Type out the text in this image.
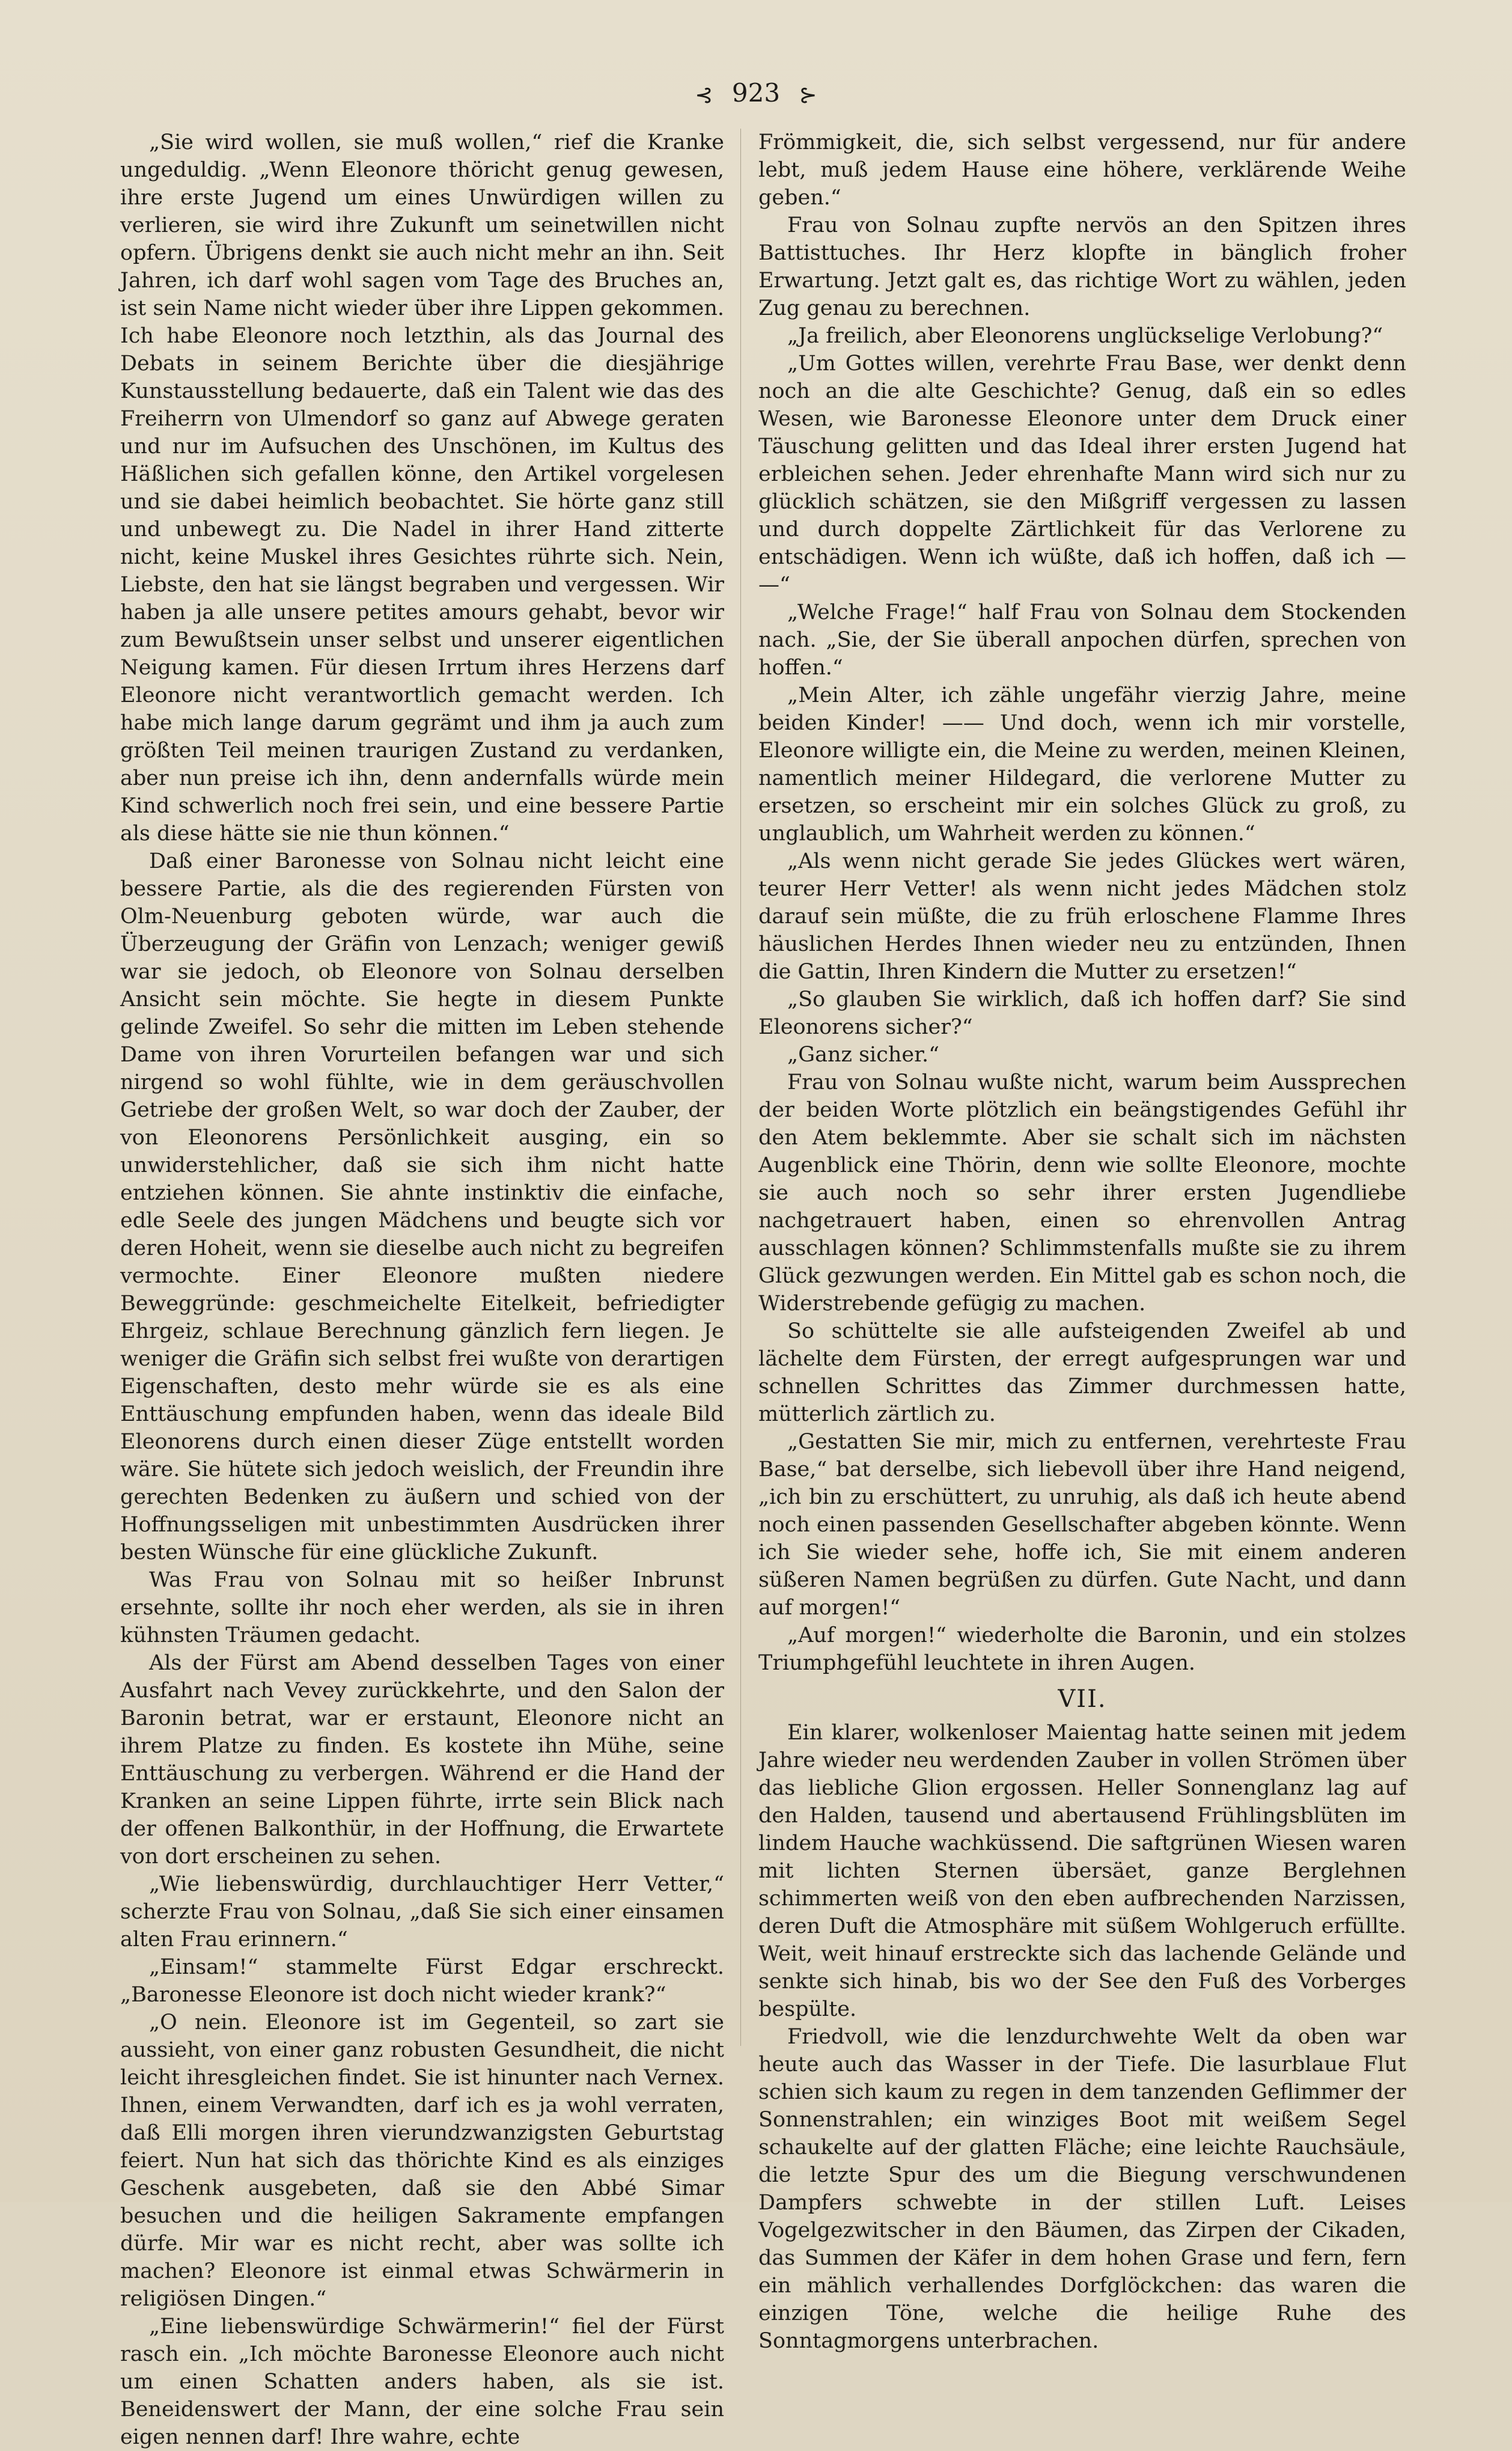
⊰ 923 ⊱

„Sie wird wollen, sie muß wollen,“ rief die Kranke ungeduldig. „Wenn Eleonore thöricht genug gewesen, ihre erste Jugend um eines Unwürdigen willen zu verlieren, sie wird ihre Zukunft um seinetwillen nicht opfern. Übrigens denkt sie auch nicht mehr an ihn. Seit Jahren, ich darf wohl sagen vom Tage des Bruches an, ist sein Name nicht wieder über ihre Lippen gekommen. Ich habe Eleonore noch letzthin, als das Journal des Debats in seinem Berichte über die diesjährige Kunstausstellung bedauerte, daß ein Talent wie das des Freiherrn von Ulmendorf so ganz auf Abwege geraten und nur im Aufsuchen des Unschönen, im Kultus des Häßlichen sich gefallen könne, den Artikel vorgelesen und sie dabei heimlich beobachtet. Sie hörte ganz still und unbewegt zu. Die Nadel in ihrer Hand zitterte nicht, keine Muskel ihres Gesichtes rührte sich. Nein, Liebste, den hat sie längst begraben und vergessen. Wir haben ja alle unsere petites amours gehabt, bevor wir zum Bewußtsein unser selbst und unserer eigentlichen Neigung kamen. Für diesen Irrtum ihres Herzens darf Eleonore nicht verantwortlich gemacht werden. Ich habe mich lange darum gegrämt und ihm ja auch zum größten Teil meinen traurigen Zustand zu verdanken, aber nun preise ich ihn, denn andernfalls würde mein Kind schwerlich noch frei sein, und eine bessere Partie als diese hätte sie nie thun können.“

Daß einer Baronesse von Solnau nicht leicht eine bessere Partie, als die des regierenden Fürsten von Olm-Neuenburg geboten würde, war auch die Überzeugung der Gräfin von Lenzach; weniger gewiß war sie jedoch, ob Eleonore von Solnau derselben Ansicht sein möchte. Sie hegte in diesem Punkte gelinde Zweifel. So sehr die mitten im Leben stehende Dame von ihren Vorurteilen befangen war und sich nirgend so wohl fühlte, wie in dem geräuschvollen Getriebe der großen Welt, so war doch der Zauber, der von Eleonorens Persönlichkeit ausging, ein so unwiderstehlicher, daß sie sich ihm nicht hatte entziehen können. Sie ahnte instinktiv die einfache, edle Seele des jungen Mädchens und beugte sich vor deren Hoheit, wenn sie dieselbe auch nicht zu begreifen vermochte. Einer Eleonore mußten niedere Beweggründe: geschmeichelte Eitelkeit, befriedigter Ehrgeiz, schlaue Berechnung gänzlich fern liegen. Je weniger die Gräfin sich selbst frei wußte von derartigen Eigenschaften, desto mehr würde sie es als eine Enttäuschung empfunden haben, wenn das ideale Bild Eleonorens durch einen dieser Züge entstellt worden wäre. Sie hütete sich jedoch weislich, der Freundin ihre gerechten Bedenken zu äußern und schied von der Hoffnungsseligen mit unbestimmten Ausdrücken ihrer besten Wünsche für eine glückliche Zukunft.

Was Frau von Solnau mit so heißer Inbrunst ersehnte, sollte ihr noch eher werden, als sie in ihren kühnsten Träumen gedacht.

Als der Fürst am Abend desselben Tages von einer Ausfahrt nach Vevey zurückkehrte, und den Salon der Baronin betrat, war er erstaunt, Eleonore nicht an ihrem Platze zu finden. Es kostete ihn Mühe, seine Enttäuschung zu verbergen. Während er die Hand der Kranken an seine Lippen führte, irrte sein Blick nach der offenen Balkonthür, in der Hoffnung, die Erwartete von dort erscheinen zu sehen.

„Wie liebenswürdig, durchlauchtiger Herr Vetter,“ scherzte Frau von Solnau, „daß Sie sich einer einsamen alten Frau erinnern.“

„Einsam!“ stammelte Fürst Edgar erschreckt. „Baronesse Eleonore ist doch nicht wieder krank?“

„O nein. Eleonore ist im Gegenteil, so zart sie aussieht, von einer ganz robusten Gesundheit, die nicht leicht ihresgleichen findet. Sie ist hinunter nach Vernex. Ihnen, einem Verwandten, darf ich es ja wohl verraten, daß Elli morgen ihren vierundzwanzigsten Geburtstag feiert. Nun hat sich das thörichte Kind es als einziges Geschenk ausgebeten, daß sie den Abbé Simar besuchen und die heiligen Sakramente empfangen dürfe. Mir war es nicht recht, aber was sollte ich machen? Eleonore ist einmal etwas Schwärmerin in religiösen Dingen.“

„Eine liebenswürdige Schwärmerin!“ fiel der Fürst rasch ein. „Ich möchte Baronesse Eleonore auch nicht um einen Schatten anders haben, als sie ist. Beneidenswert der Mann, der eine solche Frau sein eigen nennen darf! Ihre wahre, echte

Frömmigkeit, die, sich selbst vergessend, nur für andere lebt, muß jedem Hause eine höhere, verklärende Weihe geben.“

Frau von Solnau zupfte nervös an den Spitzen ihres Battisttuches. Ihr Herz klopfte in bänglich froher Erwartung. Jetzt galt es, das richtige Wort zu wählen, jeden Zug genau zu berechnen.

„Ja freilich, aber Eleonorens unglückselige Verlobung?“

„Um Gottes willen, verehrte Frau Base, wer denkt denn noch an die alte Geschichte? Genug, daß ein so edles Wesen, wie Baronesse Eleonore unter dem Druck einer Täuschung gelitten und das Ideal ihrer ersten Jugend hat erbleichen sehen. Jeder ehrenhafte Mann wird sich nur zu glücklich schätzen, sie den Mißgriff vergessen zu lassen und durch doppelte Zärtlichkeit für das Verlorene zu entschädigen. Wenn ich wüßte, daß ich hoffen, daß ich — —“

„Welche Frage!“ half Frau von Solnau dem Stockenden nach. „Sie, der Sie überall anpochen dürfen, sprechen von hoffen.“

„Mein Alter, ich zähle ungefähr vierzig Jahre, meine beiden Kinder! —— Und doch, wenn ich mir vorstelle, Eleonore willigte ein, die Meine zu werden, meinen Kleinen, namentlich meiner Hildegard, die verlorene Mutter zu ersetzen, so erscheint mir ein solches Glück zu groß, zu unglaublich, um Wahrheit werden zu können.“

„Als wenn nicht gerade Sie jedes Glückes wert wären, teurer Herr Vetter! als wenn nicht jedes Mädchen stolz darauf sein müßte, die zu früh erloschene Flamme Ihres häuslichen Herdes Ihnen wieder neu zu entzünden, Ihnen die Gattin, Ihren Kindern die Mutter zu ersetzen!“

„So glauben Sie wirklich, daß ich hoffen darf? Sie sind Eleonorens sicher?“

„Ganz sicher.“

Frau von Solnau wußte nicht, warum beim Aussprechen der beiden Worte plötzlich ein beängstigendes Gefühl ihr den Atem beklemmte. Aber sie schalt sich im nächsten Augenblick eine Thörin, denn wie sollte Eleonore, mochte sie auch noch so sehr ihrer ersten Jugendliebe nachgetrauert haben, einen so ehrenvollen Antrag ausschlagen können? Schlimmstenfalls mußte sie zu ihrem Glück gezwungen werden. Ein Mittel gab es schon noch, die Widerstrebende gefügig zu machen.

So schüttelte sie alle aufsteigenden Zweifel ab und lächelte dem Fürsten, der erregt aufgesprungen war und schnellen Schrittes das Zimmer durchmessen hatte, mütterlich zärtlich zu.

„Gestatten Sie mir, mich zu entfernen, verehrteste Frau Base,“ bat derselbe, sich liebevoll über ihre Hand neigend, „ich bin zu erschüttert, zu unruhig, als daß ich heute abend noch einen passenden Gesellschafter abgeben könnte. Wenn ich Sie wieder sehe, hoffe ich, Sie mit einem anderen süßeren Namen begrüßen zu dürfen. Gute Nacht, und dann auf morgen!“

„Auf morgen!“ wiederholte die Baronin, und ein stolzes Triumphgefühl leuchtete in ihren Augen.

VII.

Ein klarer, wolkenloser Maientag hatte seinen mit jedem Jahre wieder neu werdenden Zauber in vollen Strömen über das liebliche Glion ergossen. Heller Sonnenglanz lag auf den Halden, tausend und abertausend Frühlingsblüten im lindem Hauche wachküssend. Die saftgrünen Wiesen waren mit lichten Sternen übersäet, ganze Berglehnen schimmerten weiß von den eben aufbrechenden Narzissen, deren Duft die Atmosphäre mit süßem Wohlgeruch erfüllte. Weit, weit hinauf erstreckte sich das lachende Gelände und senkte sich hinab, bis wo der See den Fuß des Vorberges bespülte.

Friedvoll, wie die lenzdurchwehte Welt da oben war heute auch das Wasser in der Tiefe. Die lasurblaue Flut schien sich kaum zu regen in dem tanzenden Geflimmer der Sonnenstrahlen; ein winziges Boot mit weißem Segel schaukelte auf der glatten Fläche; eine leichte Rauchsäule, die letzte Spur des um die Biegung verschwundenen Dampfers schwebte in der stillen Luft. Leises Vogelgezwitscher in den Bäumen, das Zirpen der Cikaden, das Summen der Käfer in dem hohen Grase und fern, fern ein mählich verhallendes Dorfglöckchen: das waren die einzigen Töne, welche die heilige Ruhe des Sonntagmorgens unterbrachen.
